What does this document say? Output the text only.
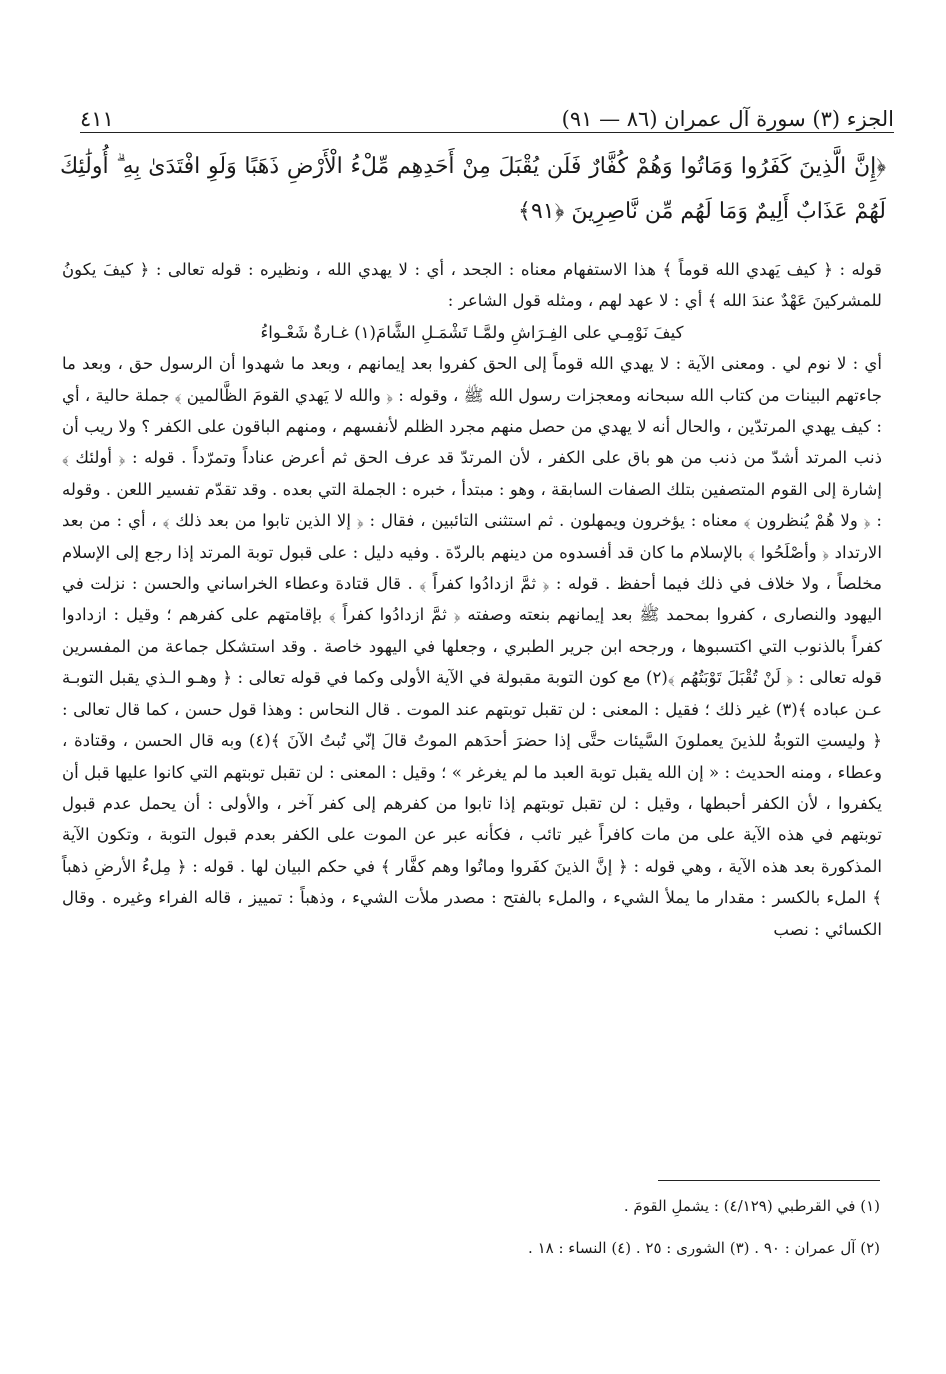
الجزء (٣) سورة آل عمران (٨٦ — ٩١)
٤١١

﴿إِنَّ الَّذِينَ كَفَرُوا وَمَاتُوا وَهُمْ كُفَّارٌ فَلَن يُقْبَلَ مِنْ أَحَدِهِم مِّلْءُ الْأَرْضِ ذَهَبًا وَلَوِ افْتَدَىٰ بِهِ ۗ أُولَٰئِكَ لَهُمْ عَذَابٌ أَلِيمٌ وَمَا لَهُم مِّن نَّاصِرِينَ ﴿٩١﴾

قوله : ﴿ كيف يَهدي الله قوماً ﴾ هذا الاستفهام معناه : الجحد ، أي : لا يهدي الله ، ونظيره : قوله تعالى : ﴿ كيفَ يكونُ للمشركينَ عَهْدٌ عندَ الله ﴾ أي : لا عهد لهم ، ومثله قول الشاعر :
كيفَ نَوْمِـي على الفِـرَاشِ ولمَّـا تَشْمَـلِ الشَّامَ(١) غـارةٌ شَعْـواءُ
أي : لا نوم لي . ومعنى الآية : لا يهدي الله قوماً إلى الحق كفروا بعد إيمانهم ، وبعد ما شهدوا أن الرسول حق ، وبعد ما جاءتهم البينات من كتاب الله سبحانه ومعجزات رسول الله ﷺ ، وقوله : ﴿ والله لا يَهدي القومَ الظَّالمين ﴾ جملة حالية ، أي : كيف يهدي المرتدّين ، والحال أنه لا يهدي من حصل منهم مجرد الظلم لأنفسهم ، ومنهم الباقون على الكفر ؟ ولا ريب أن ذنب المرتد أشدّ من ذنب من هو باق على الكفر ، لأن المرتدّ قد عرف الحق ثم أعرض عناداً وتمرّداً . قوله : ﴿ أولئك ﴾ إشارة إلى القوم المتصفين بتلك الصفات السابقة ، وهو : مبتدأ ، خبره : الجملة التي بعده . وقد تقدّم تفسير اللعن . وقوله : ﴿ ولا هُمْ يُنظرون ﴾ معناه : يؤخرون ويمهلون . ثم استثنى التائبين ، فقال : ﴿ إلا الذين تابوا من بعد ذلك ﴾ ، أي : من بعد الارتداد ﴿ وأصْلَحُوا ﴾ بالإسلام ما كان قد أفسدوه من دينهم بالردّة . وفيه دليل : على قبول توبة المرتد إذا رجع إلى الإسلام مخلصاً ، ولا خلاف في ذلك فيما أحفظ . قوله : ﴿ ثمَّ ازدادُوا كفراً ﴾ . قال قتادة وعطاء الخراساني والحسن : نزلت في اليهود والنصارى ، كفروا بمحمد ﷺ بعد إيمانهم بنعته وصفته ﴿ ثمَّ ازدادُوا كفراً ﴾ بإقامتهم على كفرهم ؛ وقيل : ازدادوا كفراً بالذنوب التي اكتسبوها ، ورجحه ابن جرير الطبري ، وجعلها في اليهود خاصة . وقد استشكل جماعة من المفسرين قوله تعالى : ﴿ لَنْ تُقْبَلَ تَوْبَتُهُم ﴾(٢) مع كون التوبة مقبولة في الآية الأولى وكما في قوله تعالى : ﴿ وهـو الـذي يقبل التوبـة عـن عباده ﴾(٣) غير ذلك ؛ فقيل : المعنى : لن تقبل توبتهم عند الموت . قال النحاس : وهذا قول حسن ، كما قال تعالى : ﴿ وليستِ التوبةُ للذينَ يعملونَ السَّيئات حتَّى إذا حضرَ أحدَهم الموتُ قالَ إنّي تُبتُ الآنَ ﴾(٤) وبه قال الحسن ، وقتادة ، وعطاء ، ومنه الحديث : « إن الله يقبل توبة العبد ما لم يغرغر » ؛ وقيل : المعنى : لن تقبل توبتهم التي كانوا عليها قبل أن يكفروا ، لأن الكفر أحبطها ، وقيل : لن تقبل توبتهم إذا تابوا من كفرهم إلى كفر آخر ، والأولى : أن يحمل عدم قبول توبتهم في هذه الآية على من مات كافراً غير تائب ، فكأنه عبر عن الموت على الكفر بعدم قبول التوبة ، وتكون الآية المذكورة بعد هذه الآية ، وهي قوله : ﴿ إنَّ الذينَ كفَروا وماتُوا وهم كفَّار ﴾ في حكم البيان لها . قوله : ﴿ مِلءُ الأرضِ ذهباً ﴾ الملء بالكسر : مقدار ما يملأ الشيء ، والملء بالفتح : مصدر ملأت الشيء ، وذهباً : تمييز ، قاله الفراء وغيره . وقال الكسائي : نصب

(١) في القرطبي (٤/١٢٩) : يشملِ القومَ .

(٢) آل عمران : ٩٠ . (٣) الشورى : ٢٥ . (٤) النساء : ١٨ .
